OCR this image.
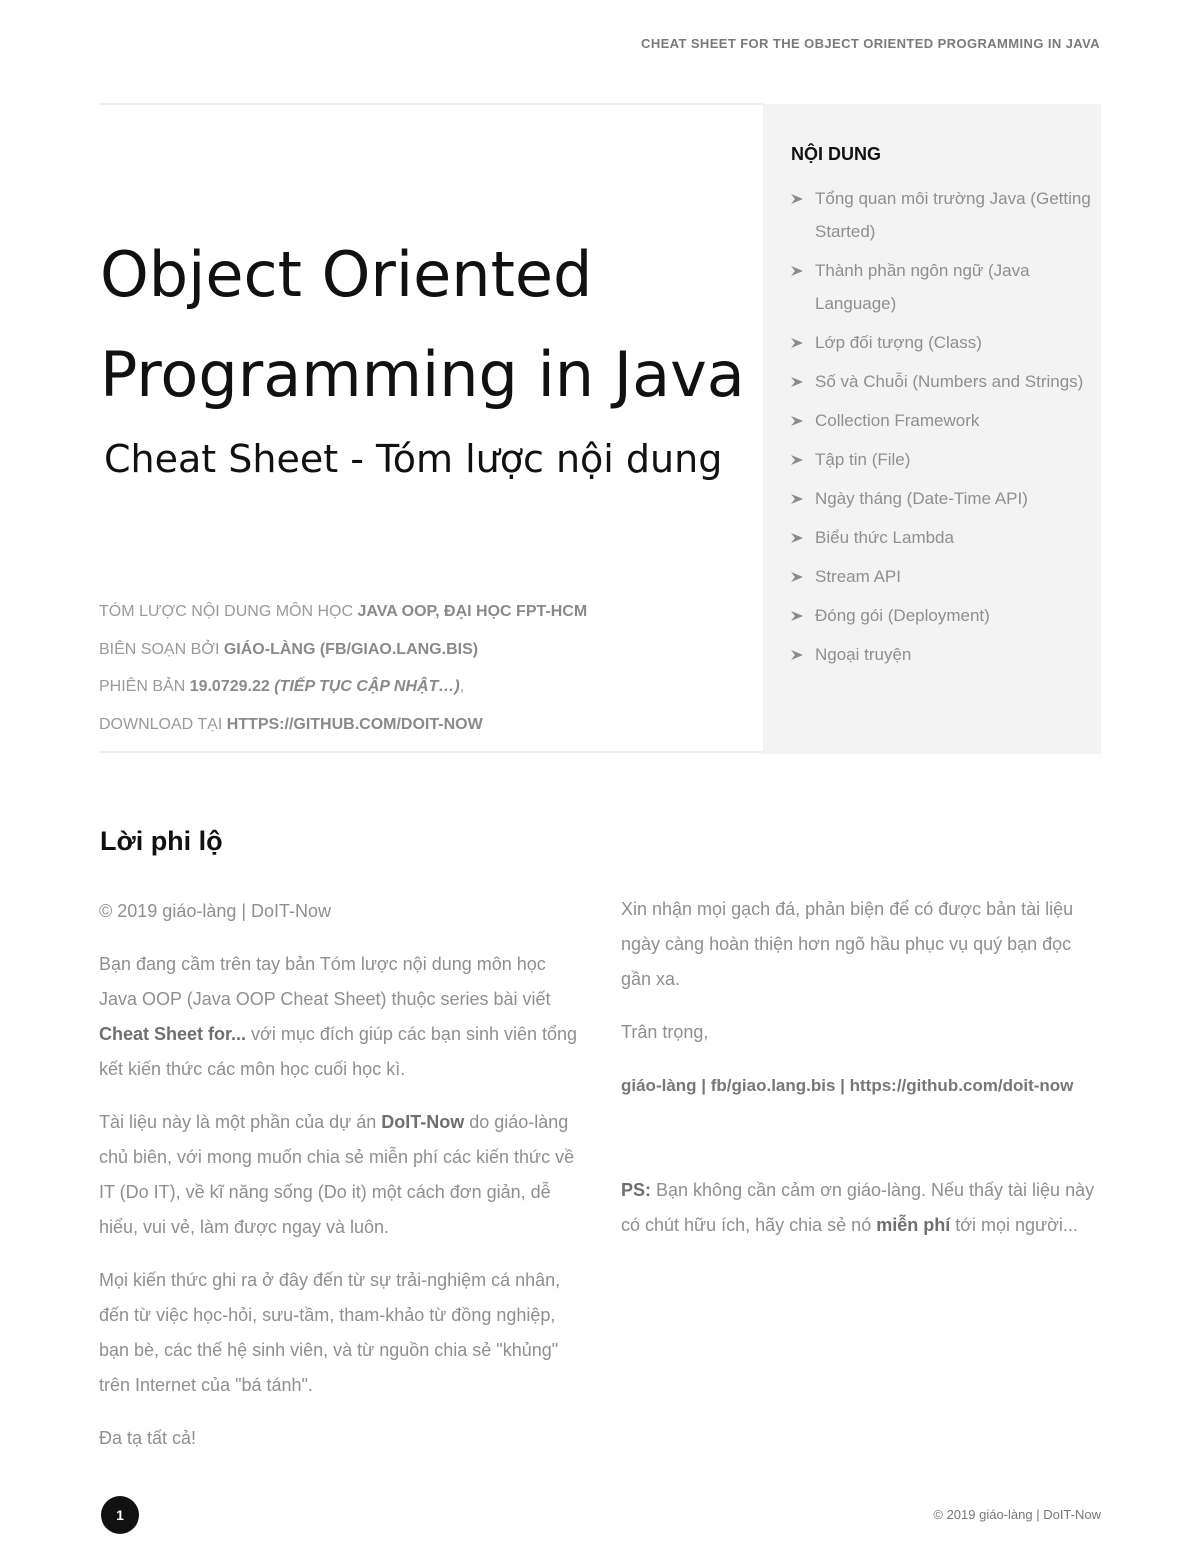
CHEAT SHEET FOR THE OBJECT ORIENTED PROGRAMMING IN JAVA
Object Oriented
Programming in Java
Cheat Sheet - Tóm lược nội dung
TÓM LƯỢC NỘI DUNG MÔN HỌC JAVA OOP, ĐẠI HỌC FPT-HCM
BIÊN SOẠN BỞI GIÁO-LÀNG (FB/GIAO.LANG.BIS)
PHIÊN BẢN 19.0729.22 (TIẾP TỤC CẬP NHẬT…),
DOWNLOAD TẠI HTTPS://GITHUB.COM/DOIT-NOW
NỘI DUNG
Tổng quan môi trường Java (Getting Started)
Thành phần ngôn ngữ (Java Language)
Lớp đối tượng (Class)
Số và Chuỗi (Numbers and Strings)
Collection Framework
Tập tin (File)
Ngày tháng (Date-Time API)
Biểu thức Lambda
Stream API
Đóng gói (Deployment)
Ngoại truyện
Lời phi lộ

© 2019 giáo-làng | DoIT-Now

Bạn đang cầm trên tay bản Tóm lược nội dung môn học Java OOP (Java OOP Cheat Sheet) thuộc series bài viết Cheat Sheet for... với mục đích giúp các bạn sinh viên tổng kết kiến thức các môn học cuối học kì.

Tài liệu này là một phần của dự án DoIT-Now do giáo-làng chủ biên, với mong muốn chia sẻ miễn phí các kiến thức về IT (Do IT), về kĩ năng sống (Do it) một cách đơn giản, dễ hiểu, vui vẻ, làm được ngay và luôn.

Mọi kiến thức ghi ra ở đây đến từ sự trải-nghiệm cá nhân, đến từ việc học-hỏi, sưu-tầm, tham-khảo từ đồng nghiệp, bạn bè, các thế hệ sinh viên, và từ nguồn chia sẻ "khủng" trên Internet của "bá tánh".

Đa tạ tất cả!

Xin nhận mọi gạch đá, phản biện để có được bản tài liệu ngày càng hoàn thiện hơn ngõ hầu phục vụ quý bạn đọc gần xa.

Trân trọng,

giáo-làng | fb/giao.lang.bis | https://github.com/doit-now

PS: Bạn không cần cảm ơn giáo-làng. Nếu thấy tài liệu này có chút hữu ích, hãy chia sẻ nó miễn phí tới mọi người...

1	© 2019 giáo-làng | DoIT-Now
